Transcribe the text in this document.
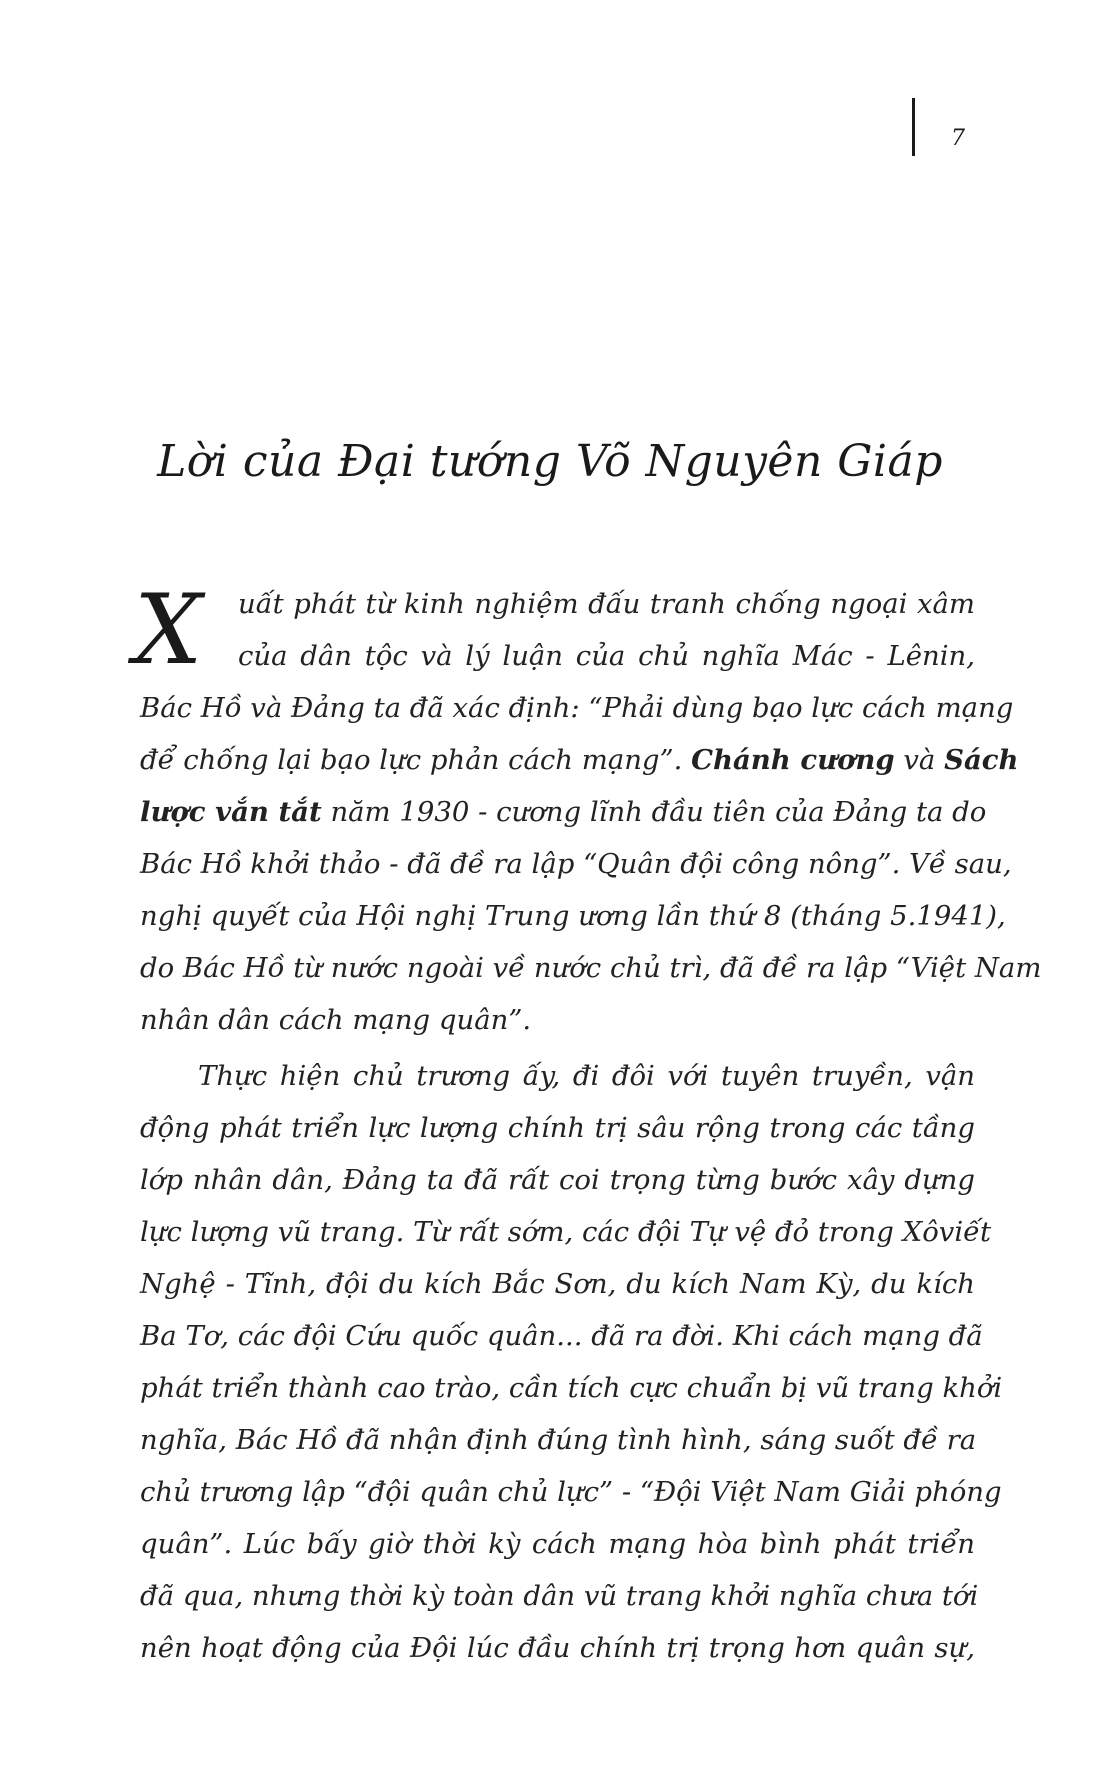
7
Lời của Đại tướng Võ Nguyên Giáp
X	uất phát từ kinh nghiệm đấu tranh chống ngoại xâm
của dân tộc và lý luận của chủ nghĩa Mác - Lênin,
Bác Hồ và Đảng ta đã xác định: “Phải dùng bạo lực cách mạng
để chống lại bạo lực phản cách mạng”. Chánh cương và Sách
lược vắn tắt năm 1930 - cương lĩnh đầu tiên của Đảng ta do
Bác Hồ khởi thảo - đã đề ra lập “Quân đội công nông”. Về sau,
nghị quyết của Hội nghị Trung ương lần thứ 8 (tháng 5.1941),
do Bác Hồ từ nước ngoài về nước chủ trì, đã đề ra lập “Việt Nam
nhân dân cách mạng quân”.
Thực hiện chủ trương ấy, đi đôi với tuyên truyền, vận
động phát triển lực lượng chính trị sâu rộng trong các tầng
lớp nhân dân, Đảng ta đã rất coi trọng từng bước xây dựng
lực lượng vũ trang. Từ rất sớm, các đội Tự vệ đỏ trong Xôviết
Nghệ - Tĩnh, đội du kích Bắc Sơn, du kích Nam Kỳ, du kích
Ba Tơ, các đội Cứu quốc quân... đã ra đời. Khi cách mạng đã
phát triển thành cao trào, cần tích cực chuẩn bị vũ trang khởi
nghĩa, Bác Hồ đã nhận định đúng tình hình, sáng suốt đề ra
chủ trương lập “đội quân chủ lực” - “Đội Việt Nam Giải phóng
quân”. Lúc bấy giờ thời kỳ cách mạng hòa bình phát triển
đã qua, nhưng thời kỳ toàn dân vũ trang khởi nghĩa chưa tới
nên hoạt động của Đội lúc đầu chính trị trọng hơn quân sự,
